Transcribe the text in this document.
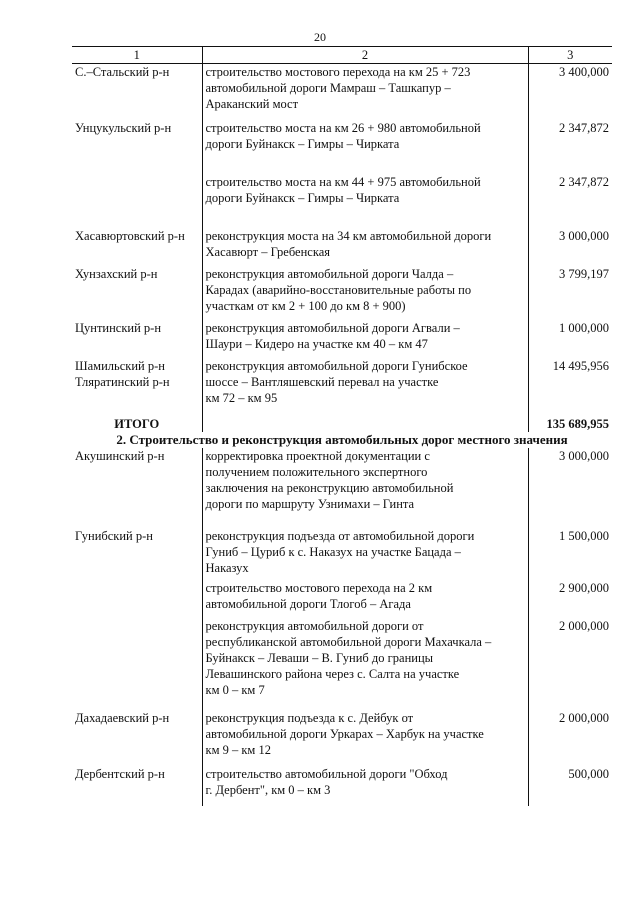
20
1	2	3
С.–Стальский р-н	строительство мостового перехода на км 25 + 723
автомобильной дороги Мамраш – Ташкапур –
Араканский мост	3 400,000
Унцукульский р-н	строительство моста на км 26 + 980 автомобильной
дороги Буйнакск – Гимры – Чирката	2 347,872
	строительство моста на км 44 + 975 автомобильной
дороги Буйнакск – Гимры – Чирката	2 347,872
Хасавюртовский р-н	реконструкция моста на 34 км автомобильной дороги
Хасавюрт – Гребенская	3 000,000
Хунзахский р-н	реконструкция автомобильной дороги Чалда –
Карадах (аварийно-восстановительные работы по
участкам от км 2 + 100 до км 8 + 900)	3 799,197
Цунтинский р-н	реконструкция автомобильной дороги Агвали –
Шаури – Кидеро на участке км 40 – км 47	1 000,000
Шамильский р-н
Тляратинский р-н	реконструкция автомобильной дороги Гунибское
шоссе – Вантляшевский перевал на участке
км 72 – км 95	14 495,956
ИТОГО		135 689,955
2. Строительство и реконструкция автомобильных дорог местного значения		
Акушинский р-н	корректировка проектной документации с
получением положительного экспертного
заключения на реконструкцию автомобильной
дороги по маршруту Узнимахи – Гинта	3 000,000
Гунибский р-н	реконструкция подъезда от автомобильной дороги
Гуниб – Цуриб к с. Наказух на участке Бацада –
Наказух	1 500,000
	строительство мостового перехода на 2 км
автомобильной дороги Тлогоб – Агада	2 900,000
	реконструкция автомобильной дороги от
республиканской автомобильной дороги Махачкала –
Буйнакск – Леваши – В. Гуниб до границы
Левашинского района через с. Салта на участке
км 0 – км 7	2 000,000
Дахадаевский р-н	реконструкция подъезда к с. Дейбук от
автомобильной дороги Уркарах – Харбук на участке
км 9 – км 12	2 000,000
Дербентский р-н	строительство автомобильной дороги "Обход
г. Дербент", км 0 – км 3	500,000
